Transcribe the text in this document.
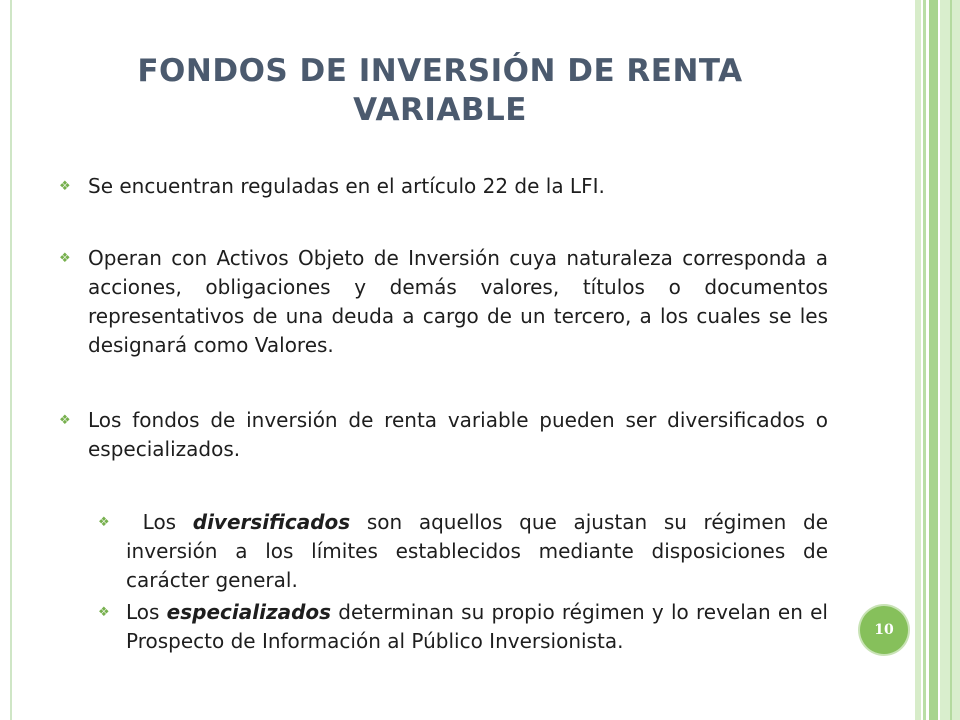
FONDOS DE INVERSIÓN DE RENTA VARIABLE
❖ Se encuentran reguladas en el artículo 22 de la LFI.
❖ Operan con Activos Objeto de Inversión cuya naturaleza corresponda a acciones, obligaciones y demás valores, títulos o documentos representativos de una deuda a cargo de un tercero, a los cuales se les designará como Valores.
❖ Los fondos de inversión de renta variable pueden ser diversificados o especializados.
❖ Los diversificados son aquellos que ajustan su régimen de inversión a los límites establecidos mediante disposiciones de carácter general.
❖ Los especializados determinan su propio régimen y lo revelan en el Prospecto de Información al Público Inversionista.	10
